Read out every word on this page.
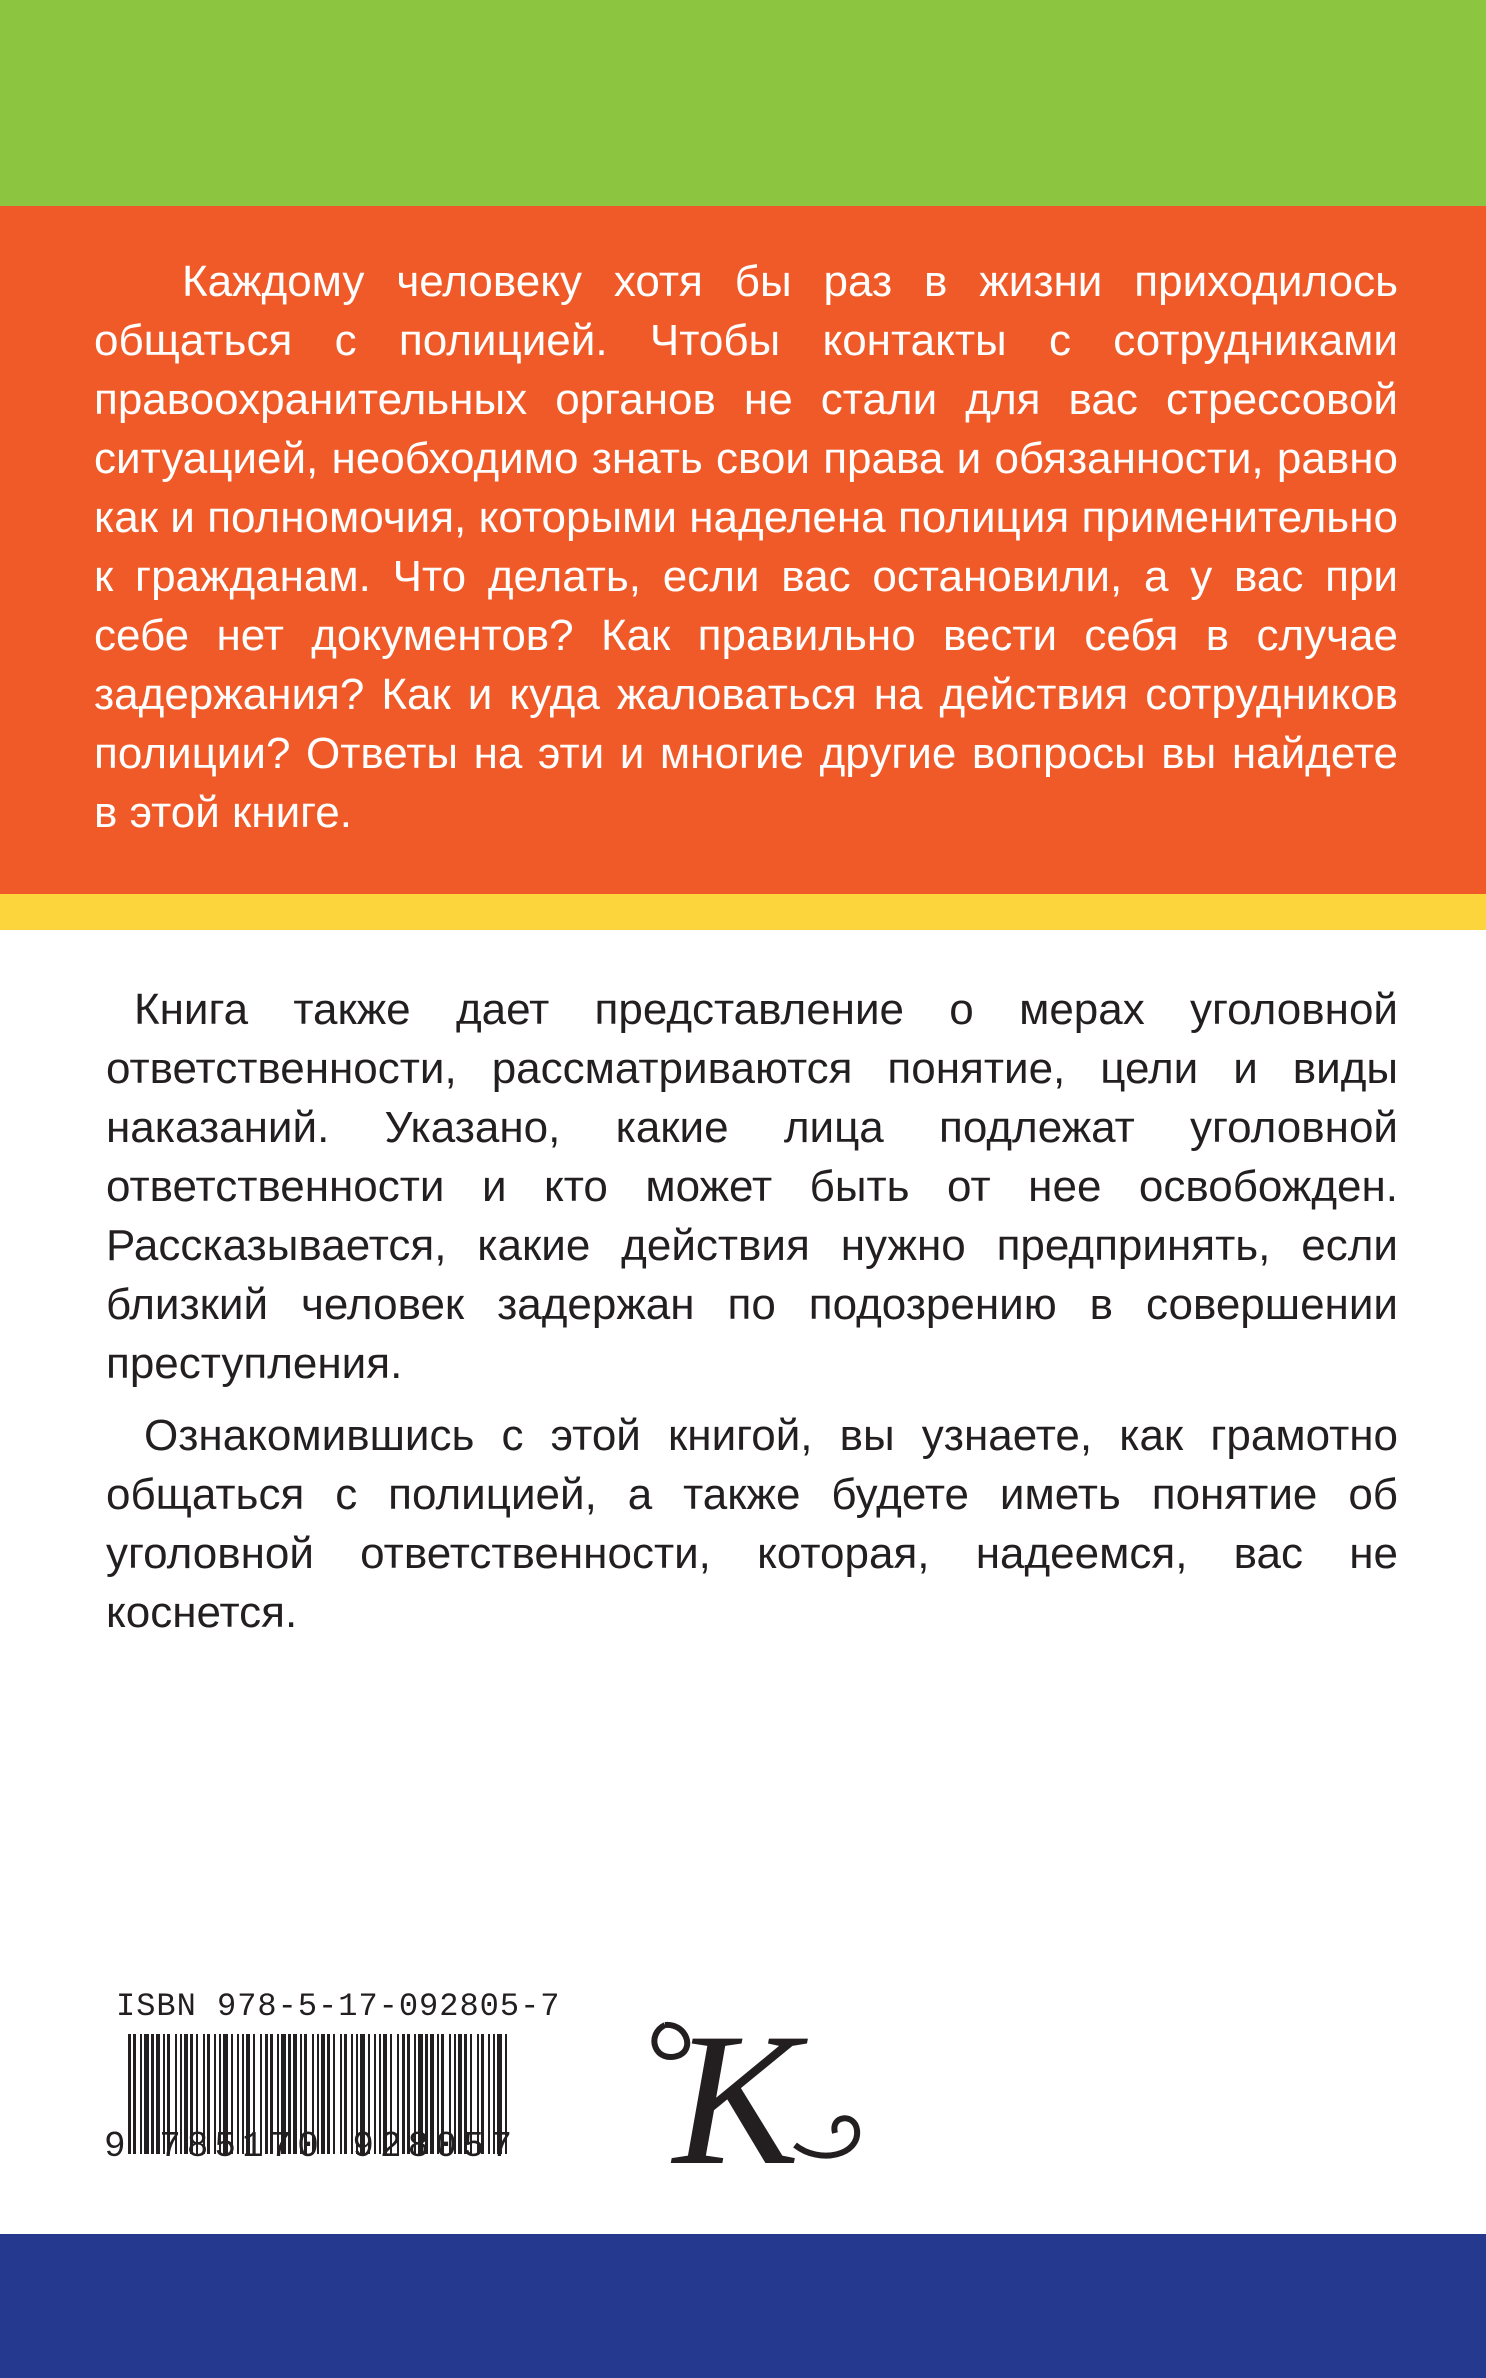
Каждому человеку хотя бы раз в жизни приходилось общаться с полицией. Чтобы контакты с сотрудниками правоохранительных органов не стали для вас стрессовой ситуацией, необходимо знать свои права и обязанности, равно как и полномочия, которыми наделена полиция применительно к гражданам. Что делать, если вас остановили, а у вас при себе нет документов? Как правильно вести себя в случае задержания? Как и куда жаловаться на действия сотрудников полиции? Ответы на эти и многие другие вопросы вы найдете в этой книге.

Книга также дает представление о мерах уголовной ответственности, рассматриваются понятие, цели и виды наказаний. Указано, какие лица подлежат уголовной ответственности и кто может быть от нее освобожден. Рассказывается, какие действия нужно предпринять, если близкий человек задержан по подозрению в совершении преступления.

Ознакомившись с этой книгой, вы узнаете, как грамотно общаться с полицией, а также будете иметь понятие об уголовной ответственности, которая, надеемся, вас не коснется.

ISBN 978-5-17-092805-7
9 785170 928057 K
